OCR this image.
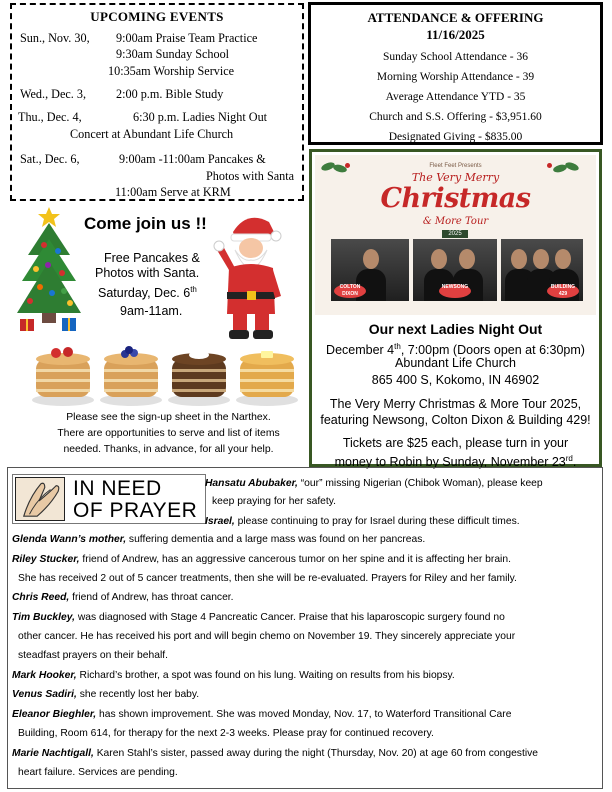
UPCOMING EVENTS
Sun., Nov. 30, 9:00am Praise Team Practice
9:30am Sunday School
10:35am Worship Service
Wed., Dec. 3, 2:00 p.m. Bible Study
Thu., Dec. 4,	6:30 p.m. Ladies Night Out
Concert at Abundant Life Church
Sat., Dec. 6,	9:00am -11:00am Pancakes &
Photos with Santa
11:00am Serve at KRM
ATTENDANCE & OFFERING
11/16/2025
Sunday School Attendance - 36
Morning Worship Attendance - 39
Average Attendance YTD - 35
Church and S.S. Offering - $3,951.60
Designated Giving - $835.00
Fleet Feet Presents
The Very Merry
Christmas
& More Tour
2025
COLTON DIXON
NEWSONG	BUILDING 429
Our next Ladies Night Out
December 4th, 7:00pm (Doors open at 6:30pm)
Abundant Life Church
865 400 S, Kokomo, IN 46902
The Very Merry Christmas & More Tour 2025,
featuring Newsong, Colton Dixon & Building 429!
Tickets are $25 each, please turn in your
money to Robin by Sunday, November 23rd.
Come join us !!
Free Pancakes &
Photos with Santa.
Saturday, Dec. 6th
9am-11am.
Please see the sign-up sheet in the Narthex.
There are opportunities to serve and list of items
needed. Thanks, in advance, for all your help.
IN NEED
OF PRAYER
Hansatu Abubaker, “our” missing Nigerian (Chibok Woman), please keep
keep praying for her safety.
Israel, please continuing to pray for Israel during these difficult times.
Glenda Wann’s mother, suffering dementia and a large mass was found on her pancreas.
Riley Stucker, friend of Andrew, has an aggressive cancerous tumor on her spine and it is affecting her brain.
She has received 2 out of 5 cancer treatments, then she will be re-evaluated. Prayers for Riley and her family.
Chris Reed, friend of Andrew, has throat cancer.
Tim Buckley, was diagnosed with Stage 4 Pancreatic Cancer. Praise that his laparoscopic surgery found no
other cancer. He has received his port and will begin chemo on November 19. They sincerely appreciate your
steadfast prayers on their behalf.
Mark Hooker, Richard’s brother, a spot was found on his lung. Waiting on results from his biopsy.
Venus Sadiri, she recently lost her baby.
Eleanor Bieghler, has shown improvement. She was moved Monday, Nov. 17, to Waterford Transitional Care
Building, Room 614, for therapy for the next 2-3 weeks. Please pray for continued recovery.
Marie Nachtigall, Karen Stahl’s sister, passed away during the night (Thursday, Nov. 20) at age 60 from congestive
heart failure. Services are pending.
